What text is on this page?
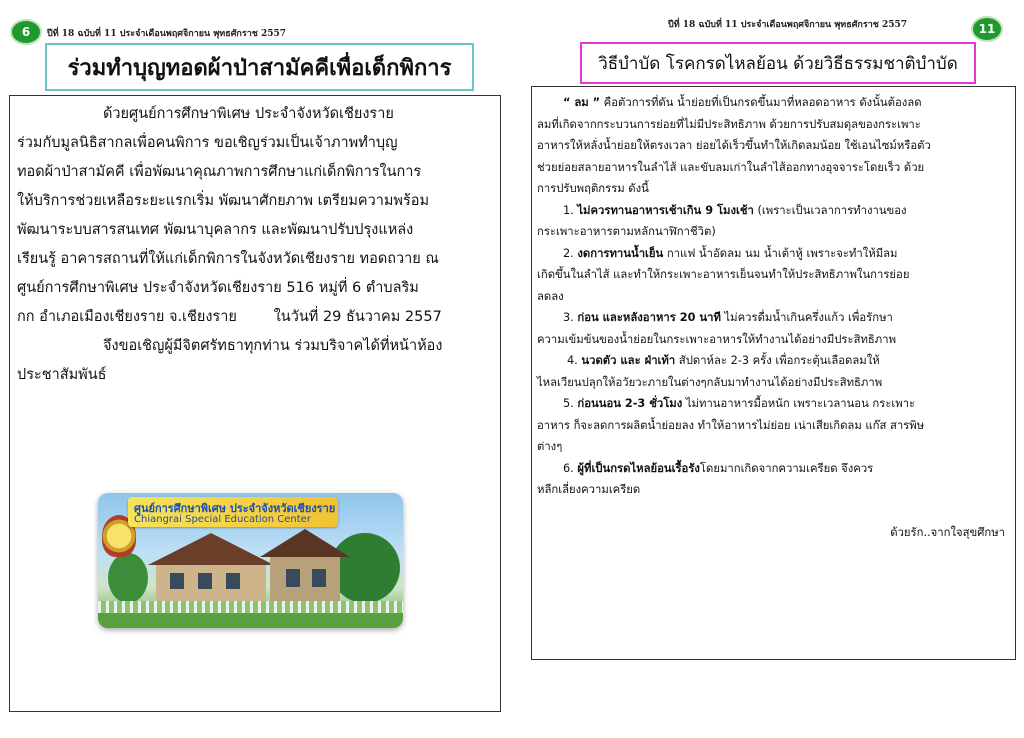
6 ปีที่ 18 ฉบับที่ 11 ประจำเดือนพฤศจิกายน พุทธศักราช 2557
ร่วมทำบุญทอดผ้าป่าสามัคคีเพื่อเด็กพิการ

ด้วยศูนย์การศึกษาพิเศษ ประจำจังหวัดเชียงราย

ร่วมกับมูลนิธิสากลเพื่อคนพิการ ขอเชิญร่วมเป็นเจ้าภาพทำบุญ

ทอดผ้าป่าสามัคคี เพื่อพัฒนาคุณภาพการศึกษาแก่เด็กพิการในการ

ให้บริการช่วยเหลือระยะแรกเริ่ม พัฒนาศักยภาพ เตรียมความพร้อม

พัฒนาระบบสารสนเทศ พัฒนาบุคลากร และพัฒนาปรับปรุงแหล่ง

เรียนรู้ อาคารสถานที่ให้แก่เด็กพิการในจังหวัดเชียงราย ทอดถวาย ณ

ศูนย์การศึกษาพิเศษ ประจำจังหวัดเชียงราย 516 หมู่ที่ 6 ตำบลริม

กก อำเภอเมืองเชียงราย จ.เชียงราย        ในวันที่ 29 ธันวาคม 2557

จึงขอเชิญผู้มีจิตศรัทธาทุกท่าน ร่วมบริจาคได้ที่หน้าห้อง

ประชาสัมพันธ์

ศูนย์การศึกษาพิเศษ ประจำจังหวัดเชียงราย
Chiangrai Special Education Center
ปีที่ 18 ฉบับที่ 11 ประจำเดือนพฤศจิกายน พุทธศักราช 2557	11
วิธีบำบัด โรคกรดไหลย้อน ด้วยวิธีธรรมชาติบำบัด

“ ลม ” คือตัวการที่ดัน น้ำย่อยที่เป็นกรดขึ้นมาที่หลอดอาหาร ดังนั้นต้องลด

ลมที่เกิดจากกระบวนการย่อยที่ไม่มีประสิทธิภาพ ด้วยการปรับสมดุลของกระเพาะ

อาหารให้หลั่งน้ำย่อยให้ตรงเวลา ย่อยได้เร็วขึ้นทำให้เกิดลมน้อย ใช้เอนไซม์หรือตัว

ช่วยย่อยสลายอาหารในลำไส้ และขับลมเก่าในลำไส้ออกทางอุจจาระโดยเร็ว ด้วย

การปรับพฤติกรรม ดังนี้

1. ไม่ควรทานอาหารเช้าเกิน 9 โมงเช้า (เพราะเป็นเวลาการทำงานของ

กระเพาะอาหารตามหลักนาฬิกาชีวิต)

2. งดการทานน้ำเย็น กาแฟ น้ำอัดลม นม น้ำเต้าหู้ เพราะจะทำให้มีลม

เกิดขึ้นในลำไส้ และทำให้กระเพาะอาหารเย็นจนทำให้ประสิทธิภาพในการย่อย

ลดลง

3. ก่อน และหลังอาหาร 20 นาที ไม่ควรดื่มน้ำเกินครึ่งแก้ว เพื่อรักษา

ความเข้มข้นของน้ำย่อยในกระเพาะอาหารให้ทำงานได้อย่างมีประสิทธิภาพ

4. นวดตัว และ ฝ่าเท้า สัปดาห์ละ 2-3 ครั้ง เพื่อกระตุ้นเลือดลมให้

ไหลเวียนปลุกให้อวัยวะภายในต่างๆกลับมาทำงานได้อย่างมีประสิทธิภาพ

5. ก่อนนอน 2-3 ชั่วโมง ไม่ทานอาหารมื้อหนัก เพราะเวลานอน กระเพาะ

อาหาร ก็จะลดการผลิตน้ำย่อยลง ทำให้อาหารไม่ย่อย เน่าเสียเกิดลม แก๊ส สารพิษ

ต่างๆ

6. ผู้ที่เป็นกรดไหลย้อนเรื้อรังโดยมากเกิดจากความเครียด จึงควร

หลีกเลี่ยงความเครียด

ด้วยรัก..จากใจสุขศึกษา
